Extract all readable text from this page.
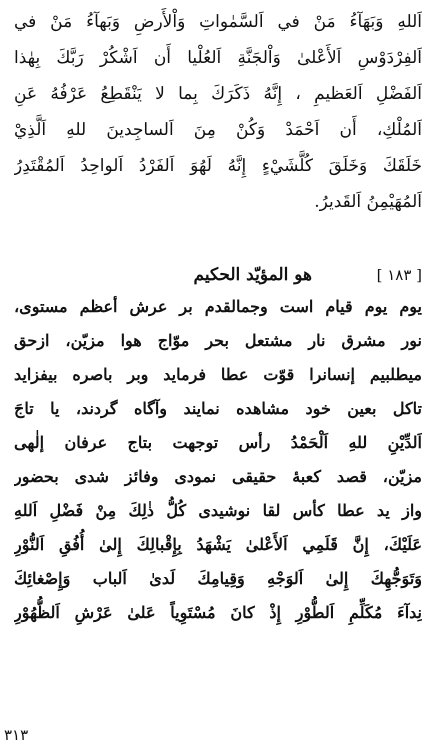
اَللهِ وَبَهَآءُ مَنْ في اَلسَّمٰواتِ وَاْلأَرضِ وَبَهآءُ مَنْ في
اَلفِرْدَوْسِ اَلأَعْلىٰ وَاْلجَنَّةِ اَلعُلْيا أَن اَشْكُرْ رَبَّكَ بِهٰذا
اَلفَضْلِ اَلعَظيمِ ، إِنَّهُ ذَكَرَكَ بِما لا يَنْقَطِعُ عَرْفُهُ عَنِ
اَلمُلْكِ، أَن اَحْمَدْ وَكُنْ مِنَ اَلساجِدينَ للهِ اَلَّذِيْ
خَلَقَكَ وَخَلَقَ كُلَّشَيْءٍ إِنَّهُ لَهُوَ اَلفَرْدُ اَلواحِدُ اَلمُقْتَدِرُ
اَلمُهَيْمِنُ اَلقَديرُ.
[ ١٨٣ ]
هو المؤيّد الحكيم
يوم يوم قيام است وجمالقدم بر عرش أعظم مستوى،
نور مشرق نار مشتعل بحر موّاج هوا مزيّن، ازحق
ميطلبيم إنسانرا قوّت عطا فرمايد وبر باصره بيفزايد
تاكل بعين خود مشاهده نمايند وآگاه گردند، يا تاجَ
اَلدِّيْنِ للهِ اَلْحَمْدُ رأس توجهت بتاج عرفان إلٰهى
مزيّن، قصد كعبهٔ حقيقى نمودى وفائز شدى بحضور
واز يد عطا كأس لقا نوشيدى كُلُّ ذٰلِكَ مِنْ فَضْلِ اَللهِ
عَلَيْكَ، إِنَّ قَلَمِي اَلأَعْلىٰ يَشْهَدُ بِإِقْبالِكَ إِلىٰ أُفُقِ اَلنُّوْرِ
وَتَوَجُّهِكَ إِلىٰ اَلوَجْهِ وَقِيامِكَ لَدىٰ اَلباب وَإِصْغائِكَ
نِدآءَ مُكَلِّمِ اَلطُّوْرِ إِذْ كانَ مُسْتَوِياً عَلىٰ عَرْشِ اَلظُّهُوْرِ
٣١٣
